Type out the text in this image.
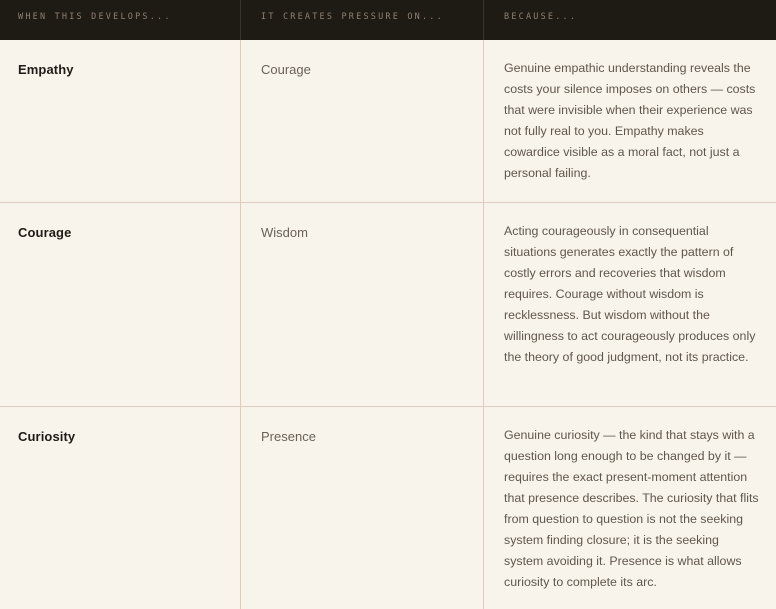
WHEN THIS DEVELOPS...	IT CREATES PRESSURE ON...	BECAUSE...
Empathy	Courage	Genuine empathic understanding reveals the costs your silence imposes on others — costs that were invisible when their experience was not fully real to you. Empathy makes cowardice visible as a moral fact, not just a personal failing.
Courage	Wisdom	Acting courageously in consequential situations generates exactly the pattern of costly errors and recoveries that wisdom requires. Courage without wisdom is recklessness. But wisdom without the willingness to act courageously produces only the theory of good judgment, not its practice.
Curiosity	Presence	Genuine curiosity — the kind that stays with a question long enough to be changed by it — requires the exact present-moment attention that presence describes. The curiosity that flits from question to question is not the seeking system finding closure; it is the seeking system avoiding it. Presence is what allows curiosity to complete its arc.
